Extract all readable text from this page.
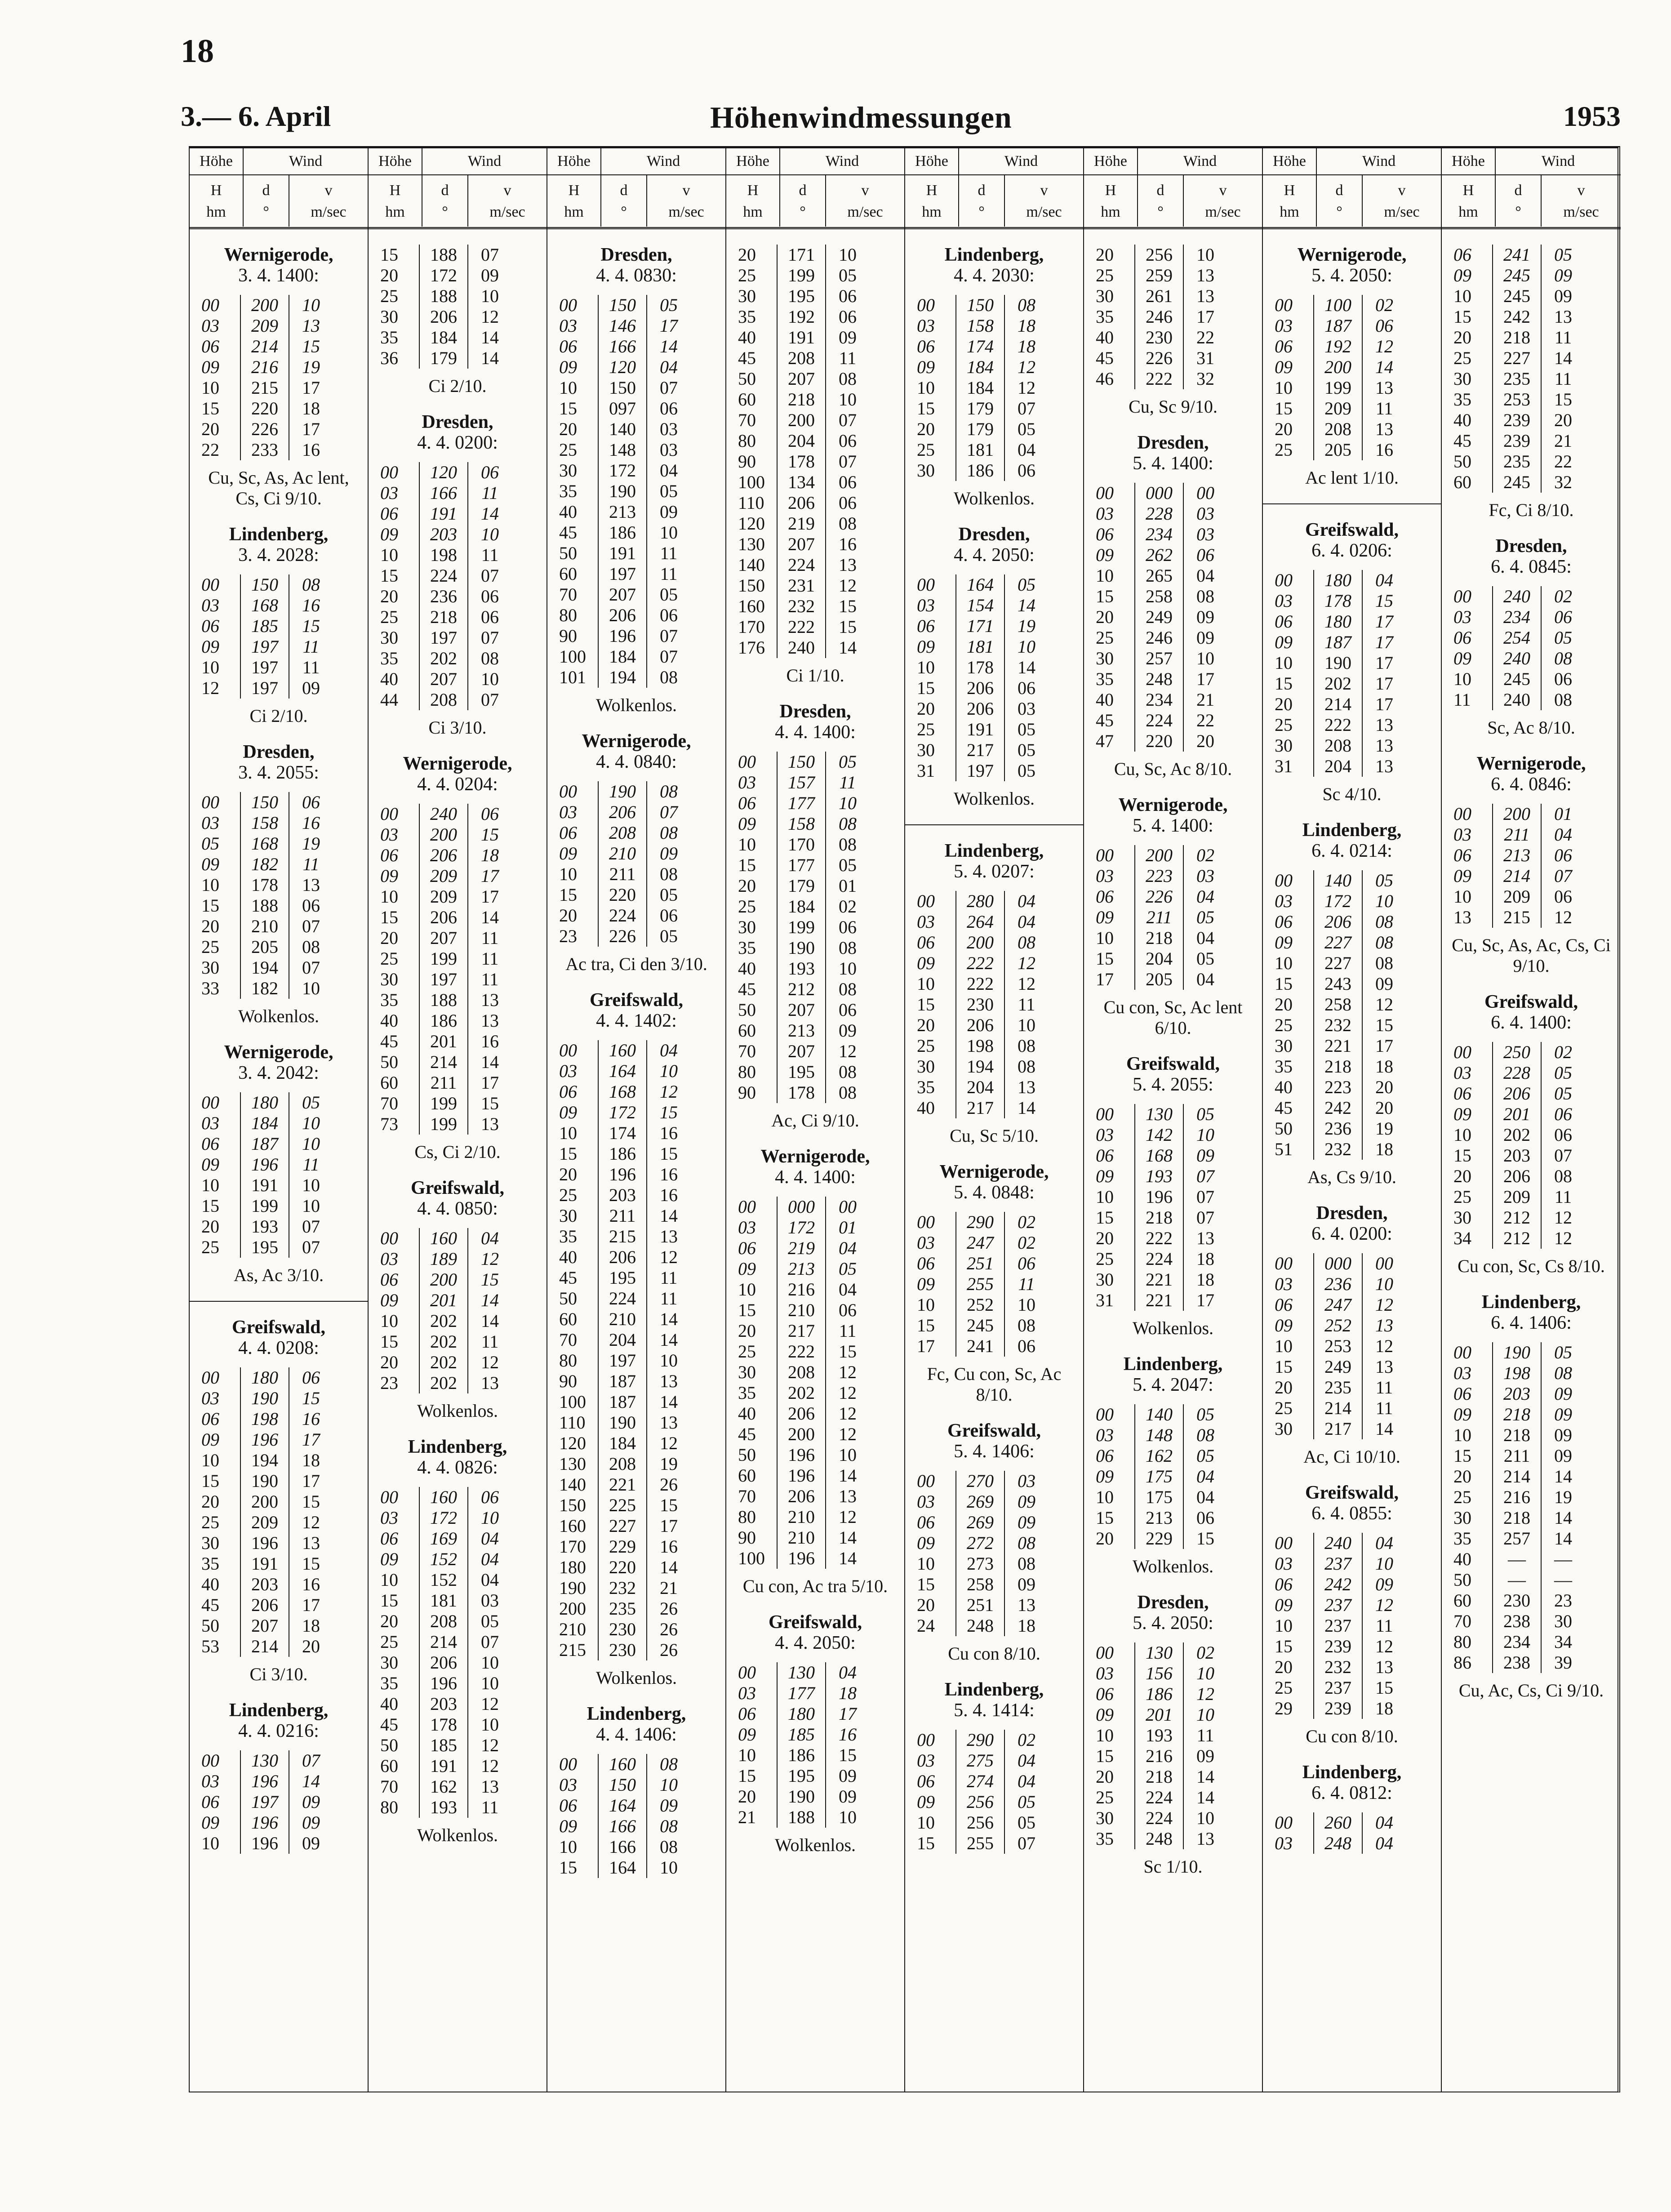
18
3.— 6. April	Höhenwindmessungen	1953
Höhe	Wind
H
hm
d
°
v
m/sec
Wernigerode,
3. 4. 1400:
00	200	10
03	209	13
06	214	15
09	216	19
10	215	17
15	220	18
20	226	17
22	233	16
Cu, Sc, As, Ac lent, Cs, Ci 9/10.
Lindenberg,
3. 4. 2028:
00	150	08
03	168	16
06	185	15
09	197	11
10	197	11
12	197	09
Ci 2/10.
Dresden,
3. 4. 2055:
00	150	06
03	158	16
05	168	19
09	182	11
10	178	13
15	188	06
20	210	07
25	205	08
30	194	07
33	182	10
Wolkenlos.
Wernigerode,
3. 4. 2042:
00	180	05
03	184	10
06	187	10
09	196	11
10	191	10
15	199	10
20	193	07
25	195	07
As, Ac 3/10.
Greifswald,
4. 4. 0208:
00	180	06
03	190	15
06	198	16
09	196	17
10	194	18
15	190	17
20	200	15
25	209	12
30	196	13
35	191	15
40	203	16
45	206	17
50	207	18
53	214	20
Ci 3/10.
Lindenberg,
4. 4. 0216:
00	130	07
03	196	14
06	197	09
09	196	09
10	196	09
Höhe	Wind
H
hm
d
°
v
m/sec
15	188	07
20	172	09
25	188	10
30	206	12
35	184	14
36	179	14
Ci 2/10.
Dresden,
4. 4. 0200:
00	120	06
03	166	11
06	191	14
09	203	10
10	198	11
15	224	07
20	236	06
25	218	06
30	197	07
35	202	08
40	207	10
44	208	07
Ci 3/10.
Wernigerode,
4. 4. 0204:
00	240	06
03	200	15
06	206	18
09	209	17
10	209	17
15	206	14
20	207	11
25	199	11
30	197	11
35	188	13
40	186	13
45	201	16
50	214	14
60	211	17
70	199	15
73	199	13
Cs, Ci 2/10.
Greifswald,
4. 4. 0850:
00	160	04
03	189	12
06	200	15
09	201	14
10	202	14
15	202	11
20	202	12
23	202	13
Wolkenlos.
Lindenberg,
4. 4. 0826:
00	160	06
03	172	10
06	169	04
09	152	04
10	152	04
15	181	03
20	208	05
25	214	07
30	206	10
35	196	10
40	203	12
45	178	10
50	185	12
60	191	12
70	162	13
80	193	11
Wolkenlos.
Höhe	Wind
H
hm
d
°
v
m/sec
Dresden,
4. 4. 0830:
00	150	05
03	146	17
06	166	14
09	120	04
10	150	07
15	097	06
20	140	03
25	148	03
30	172	04
35	190	05
40	213	09
45	186	10
50	191	11
60	197	11
70	207	05
80	206	06
90	196	07
100	184	07
101	194	08
Wolkenlos.
Wernigerode,
4. 4. 0840:
00	190	08
03	206	07
06	208	08
09	210	09
10	211	08
15	220	05
20	224	06
23	226	05
Ac tra, Ci den 3/10.
Greifswald,
4. 4. 1402:
00	160	04
03	164	10
06	168	12
09	172	15
10	174	16
15	186	15
20	196	16
25	203	16
30	211	14
35	215	13
40	206	12
45	195	11
50	224	11
60	210	14
70	204	14
80	197	10
90	187	13
100	187	14
110	190	13
120	184	12
130	208	19
140	221	26
150	225	15
160	227	17
170	229	16
180	220	14
190	232	21
200	235	26
210	230	26
215	230	26
Wolkenlos.
Lindenberg,
4. 4. 1406:
00	160	08
03	150	10
06	164	09
09	166	08
10	166	08
15	164	10
Höhe	Wind
H
hm
d
°
v
m/sec
20	171	10
25	199	05
30	195	06
35	192	06
40	191	09
45	208	11
50	207	08
60	218	10
70	200	07
80	204	06
90	178	07
100	134	06
110	206	06
120	219	08
130	207	16
140	224	13
150	231	12
160	232	15
170	222	15
176	240	14
Ci 1/10.
Dresden,
4. 4. 1400:
00	150	05
03	157	11
06	177	10
09	158	08
10	170	08
15	177	05
20	179	01
25	184	02
30	199	06
35	190	08
40	193	10
45	212	08
50	207	06
60	213	09
70	207	12
80	195	08
90	178	08
Ac, Ci 9/10.
Wernigerode,
4. 4. 1400:
00	000	00
03	172	01
06	219	04
09	213	05
10	216	04
15	210	06
20	217	11
25	222	15
30	208	12
35	202	12
40	206	12
45	200	12
50	196	10
60	196	14
70	206	13
80	210	12
90	210	14
100	196	14
Cu con, Ac tra 5/10.
Greifswald,
4. 4. 2050:
00	130	04
03	177	18
06	180	17
09	185	16
10	186	15
15	195	09
20	190	09
21	188	10
Wolkenlos.
Höhe	Wind
H
hm
d
°
v
m/sec
Lindenberg,
4. 4. 2030:
00	150	08
03	158	18
06	174	18
09	184	12
10	184	12
15	179	07
20	179	05
25	181	04
30	186	06
Wolkenlos.
Dresden,
4. 4. 2050:
00	164	05
03	154	14
06	171	19
09	181	10
10	178	14
15	206	06
20	206	03
25	191	05
30	217	05
31	197	05
Wolkenlos.
Lindenberg,
5. 4. 0207:
00	280	04
03	264	04
06	200	08
09	222	12
10	222	12
15	230	11
20	206	10
25	198	08
30	194	08
35	204	13
40	217	14
Cu, Sc 5/10.
Wernigerode,
5. 4. 0848:
00	290	02
03	247	02
06	251	06
09	255	11
10	252	10
15	245	08
17	241	06
Fc, Cu con, Sc, Ac 8/10.
Greifswald,
5. 4. 1406:
00	270	03
03	269	09
06	269	09
09	272	08
10	273	08
15	258	09
20	251	13
24	248	18
Cu con 8/10.
Lindenberg,
5. 4. 1414:
00	290	02
03	275	04
06	274	04
09	256	05
10	256	05
15	255	07
Höhe	Wind
H
hm
d
°
v
m/sec
20	256	10
25	259	13
30	261	13
35	246	17
40	230	22
45	226	31
46	222	32
Cu, Sc 9/10.
Dresden,
5. 4. 1400:
00	000	00
03	228	03
06	234	03
09	262	06
10	265	04
15	258	08
20	249	09
25	246	09
30	257	10
35	248	17
40	234	21
45	224	22
47	220	20
Cu, Sc, Ac 8/10.
Wernigerode,
5. 4. 1400:
00	200	02
03	223	03
06	226	04
09	211	05
10	218	04
15	204	05
17	205	04
Cu con, Sc, Ac lent 6/10.
Greifswald,
5. 4. 2055:
00	130	05
03	142	10
06	168	09
09	193	07
10	196	07
15	218	07
20	222	13
25	224	18
30	221	18
31	221	17
Wolkenlos.
Lindenberg,
5. 4. 2047:
00	140	05
03	148	08
06	162	05
09	175	04
10	175	04
15	213	06
20	229	15
Wolkenlos.
Dresden,
5. 4. 2050:
00	130	02
03	156	10
06	186	12
09	201	10
10	193	11
15	216	09
20	218	14
25	224	14
30	224	10
35	248	13
Sc 1/10.
Höhe	Wind
H
hm
d
°
v
m/sec
Wernigerode,
5. 4. 2050:
00	100	02
03	187	06
06	192	12
09	200	14
10	199	13
15	209	11
20	208	13
25	205	16
Ac lent 1/10.
Greifswald,
6. 4. 0206:
00	180	04
03	178	15
06	180	17
09	187	17
10	190	17
15	202	17
20	214	17
25	222	13
30	208	13
31	204	13
Sc 4/10.
Lindenberg,
6. 4. 0214:
00	140	05
03	172	10
06	206	08
09	227	08
10	227	08
15	243	09
20	258	12
25	232	15
30	221	17
35	218	18
40	223	20
45	242	20
50	236	19
51	232	18
As, Cs 9/10.
Dresden,
6. 4. 0200:
00	000	00
03	236	10
06	247	12
09	252	13
10	253	12
15	249	13
20	235	11
25	214	11
30	217	14
Ac, Ci 10/10.
Greifswald,
6. 4. 0855:
00	240	04
03	237	10
06	242	09
09	237	12
10	237	11
15	239	12
20	232	13
25	237	15
29	239	18
Cu con 8/10.
Lindenberg,
6. 4. 0812:
00	260	04
03	248	04
Höhe	Wind
H
hm
d
°
v
m/sec
06	241	05
09	245	09
10	245	09
15	242	13
20	218	11
25	227	14
30	235	11
35	253	15
40	239	20
45	239	21
50	235	22
60	245	32
Fc, Ci 8/10.
Dresden,
6. 4. 0845:
00	240	02
03	234	06
06	254	05
09	240	08
10	245	06
11	240	08
Sc, Ac 8/10.
Wernigerode,
6. 4. 0846:
00	200	01
03	211	04
06	213	06
09	214	07
10	209	06
13	215	12
Cu, Sc, As, Ac, Cs, Ci 9/10.
Greifswald,
6. 4. 1400:
00	250	02
03	228	05
06	206	05
09	201	06
10	202	06
15	203	07
20	206	08
25	209	11
30	212	12
34	212	12
Cu con, Sc, Cs 8/10.
Lindenberg,
6. 4. 1406:
00	190	05
03	198	08
06	203	09
09	218	09
10	218	09
15	211	09
20	214	14
25	216	19
30	218	14
35	257	14
40	—	—
50	—	—
60	230	23
70	238	30
80	234	34
86	238	39
Cu, Ac, Cs, Ci 9/10.
